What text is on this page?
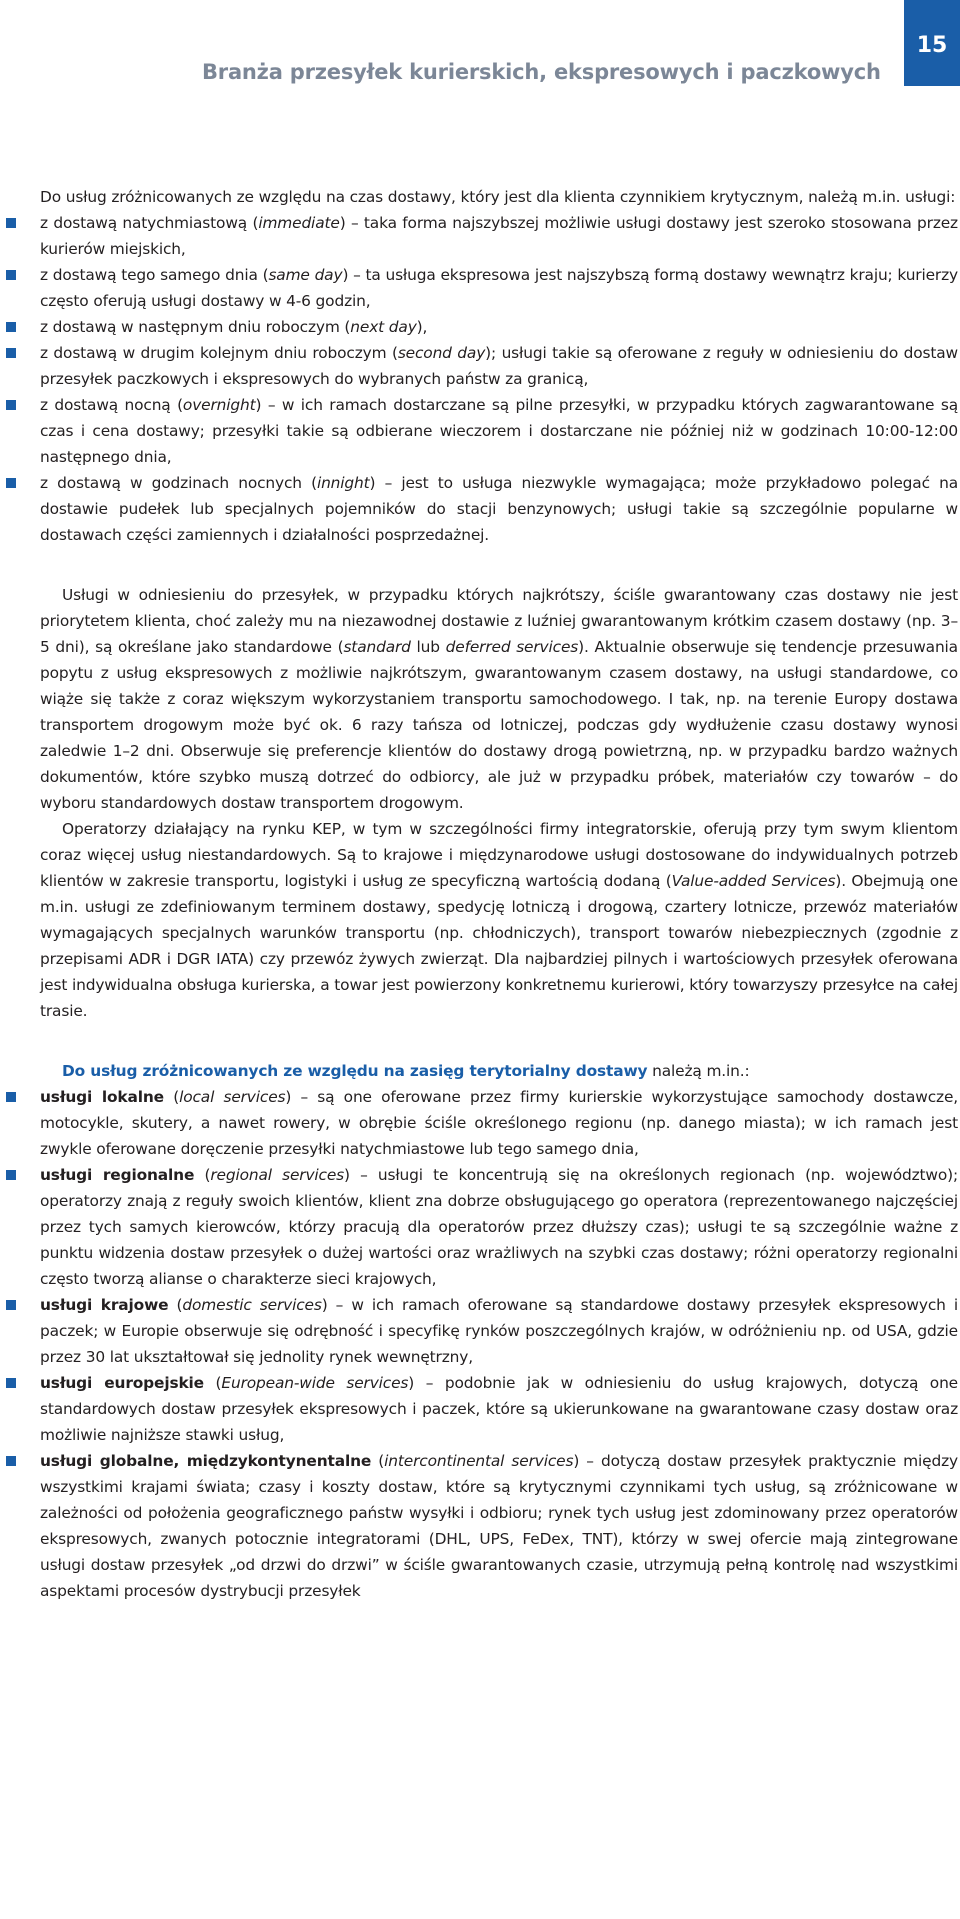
Branża przesyłek kurierskich, ekspresowych i paczkowych
15

Do usług zróżnicowanych ze względu na czas dostawy, który jest dla klienta czynnikiem krytycznym, należą m.in. usługi:

z dostawą natychmiastową (immediate) – taka forma najszybszej możliwie usługi dostawy jest szeroko stosowana przez kurierów miejskich,
z dostawą tego samego dnia (same day) – ta usługa ekspresowa jest najszybszą formą dostawy wewnątrz kraju; kurierzy często oferują usługi dostawy w 4-6 godzin,
z dostawą w następnym dniu roboczym (next day),
z dostawą w drugim kolejnym dniu roboczym (second day); usługi takie są oferowane z reguły w odniesieniu do dostaw przesyłek paczkowych i ekspresowych do wybranych państw za granicą,
z dostawą nocną (overnight) – w ich ramach dostarczane są pilne przesyłki, w przypadku których zagwarantowane są czas i cena dostawy; przesyłki takie są odbierane wieczorem i dostarczane nie później niż w godzinach 10:00-12:00 następnego dnia,
z dostawą w godzinach nocnych (innight) – jest to usługa niezwykle wymagająca; może przykładowo polegać na dostawie pudełek lub specjalnych pojemników do stacji benzynowych; usługi takie są szczególnie popularne w dostawach części zamiennych i działalności posprzedażnej.

Usługi w odniesieniu do przesyłek, w przypadku których najkrótszy, ściśle gwarantowany czas dostawy nie jest priorytetem klienta, choć zależy mu na niezawodnej dostawie z luźniej gwarantowanym krótkim czasem dostawy (np. 3–5 dni), są określane jako standardowe (standard lub deferred services). Aktualnie obserwuje się tendencje przesuwania popytu z usług ekspresowych z możliwie najkrótszym, gwarantowanym czasem dostawy, na usługi standardowe, co wiąże się także z coraz większym wykorzystaniem transportu samochodowego. I tak, np. na terenie Europy dostawa transportem drogowym może być ok. 6 razy tańsza od lotniczej, podczas gdy wydłużenie czasu dostawy wynosi zaledwie 1–2 dni. Obserwuje się preferencje klientów do dostawy drogą powietrzną, np. w przypadku bardzo ważnych dokumentów, które szybko muszą dotrzeć do odbiorcy, ale już w przypadku próbek, materiałów czy towarów – do wyboru standardowych dostaw transportem drogowym.

Operatorzy działający na rynku KEP, w tym w szczególności firmy integratorskie, oferują przy tym swym klientom coraz więcej usług niestandardowych. Są to krajowe i międzynarodowe usługi dostosowane do indywidualnych potrzeb klientów w zakresie transportu, logistyki i usług ze specyficzną wartością dodaną (Value-added Services). Obejmują one m.in. usługi ze zdefiniowanym terminem dostawy, spedycję lotniczą i drogową, czartery lotnicze, przewóz materiałów wymagających specjalnych warunków transportu (np. chłodniczych), transport towarów niebezpiecznych (zgodnie z przepisami ADR i DGR IATA) czy przewóz żywych zwierząt. Dla najbardziej pilnych i wartościowych przesyłek oferowana jest indywidualna obsługa kurierska, a towar jest powierzony konkretnemu kurierowi, który towarzyszy przesyłce na całej trasie.

Do usług zróżnicowanych ze względu na zasięg terytorialny dostawy należą m.in.:

usługi lokalne (local services) – są one oferowane przez firmy kurierskie wykorzystujące samochody dostawcze, motocykle, skutery, a nawet rowery, w obrębie ściśle określonego regionu (np. danego miasta); w ich ramach jest zwykle oferowane doręczenie przesyłki natychmiastowe lub tego samego dnia,
usługi regionalne (regional services) – usługi te koncentrują się na określonych regionach (np. województwo); operatorzy znają z reguły swoich klientów, klient zna dobrze obsługującego go operatora (reprezentowanego najczęściej przez tych samych kierowców, którzy pracują dla operatorów przez dłuższy czas); usługi te są szczególnie ważne z punktu widzenia dostaw przesyłek o dużej wartości oraz wrażliwych na szybki czas dostawy; różni operatorzy regionalni często tworzą aliansе o charakterze sieci krajowych,
usługi krajowe (domestic services) – w ich ramach oferowane są standardowe dostawy przesyłek ekspresowych i paczek; w Europie obserwuje się odrębność i specyfikę rynków poszczególnych krajów, w odróżnieniu np. od USA, gdzie przez 30 lat ukształtował się jednolity rynek wewnętrzny,
usługi europejskie (European-wide services) – podobnie jak w odniesieniu do usług krajowych, dotyczą one standardowych dostaw przesyłek ekspresowych i paczek, które są ukierunkowane na gwarantowane czasy dostaw oraz możliwie najniższe stawki usług,
usługi globalne, międzykontynentalne (intercontinental services) – dotyczą dostaw przesyłek praktycznie między wszystkimi krajami świata; czasy i koszty dostaw, które są krytycznymi czynnikami tych usług, są zróżnicowane w zależności od położenia geograficznego państw wysyłki i odbioru; rynek tych usług jest zdominowany przez operatorów ekspresowych, zwanych potocznie integratorami (DHL, UPS, FeDex, TNT), którzy w swej ofercie mają zintegrowane usługi dostaw przesyłek „od drzwi do drzwi” w ściśle gwarantowanych czasie, utrzymują pełną kontrolę nad wszystkimi aspektami procesów dystrybucji przesyłek
